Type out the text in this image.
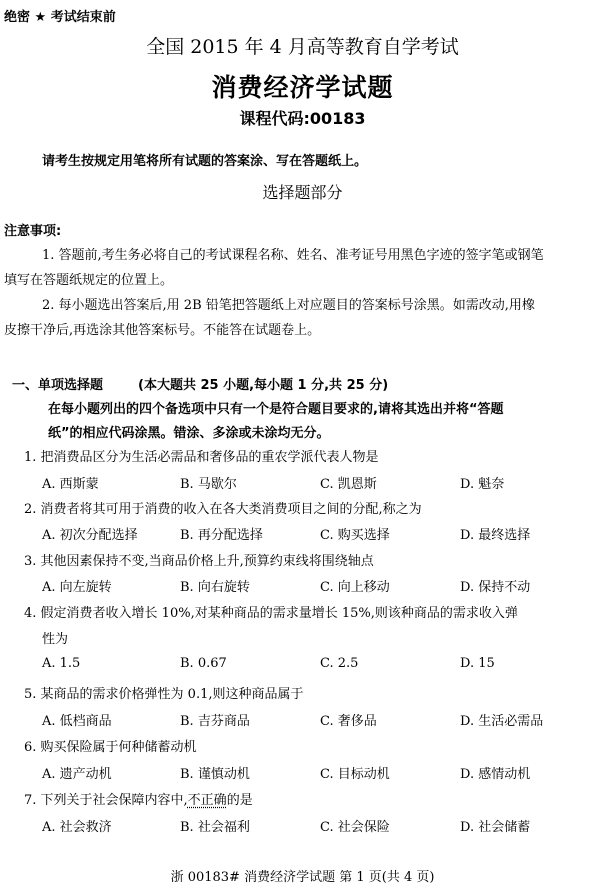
绝密 ★ 考试结束前
全国 2015 年 4 月高等教育自学考试
消费经济学试题
课程代码:00183
请考生按规定用笔将所有试题的答案涂、写在答题纸上。
选择题部分
注意事项:
1. 答题前,考生务必将自己的考试课程名称、姓名、准考证号用黑色字迹的签字笔或钢笔
填写在答题纸规定的位置上。
2. 每小题选出答案后,用 2B 铅笔把答题纸上对应题目的答案标号涂黑。如需改动,用橡
皮擦干净后,再选涂其他答案标号。不能答在试题卷上。
一、单项选择题	(本大题共 25 小题,每小题 1 分,共 25 分)
在每小题列出的四个备选项中只有一个是符合题目要求的,请将其选出并将“答题
纸”的相应代码涂黑。错涂、多涂或未涂均无分。
1. 把消费品区分为生活必需品和奢侈品的重农学派代表人物是
A. 西斯蒙	B. 马歇尔	C. 凯恩斯	D. 魁奈
2. 消费者将其可用于消费的收入在各大类消费项目之间的分配,称之为
A. 初次分配选择	B. 再分配选择	C. 购买选择	D. 最终选择
3. 其他因素保持不变,当商品价格上升,预算约束线将围绕轴点
A. 向左旋转	B. 向右旋转	C. 向上移动	D. 保持不动
4. 假定消费者收入增长 10%,对某种商品的需求量增长 15%,则该种商品的需求收入弹
性为
A. 1.5	B. 0.67	C. 2.5	D. 15
5. 某商品的需求价格弹性为 0.1,则这种商品属于
A. 低档商品	B. 吉芬商品	C. 奢侈品	D. 生活必需品
6. 购买保险属于何种储蓄动机
A. 遗产动机	B. 谨慎动机	C. 目标动机	D. 感情动机
7. 下列关于社会保障内容中,不正确的是
A. 社会救济	B. 社会福利	C. 社会保险	D. 社会储蓄
浙 00183# 消费经济学试题 第 1 页(共 4 页)
